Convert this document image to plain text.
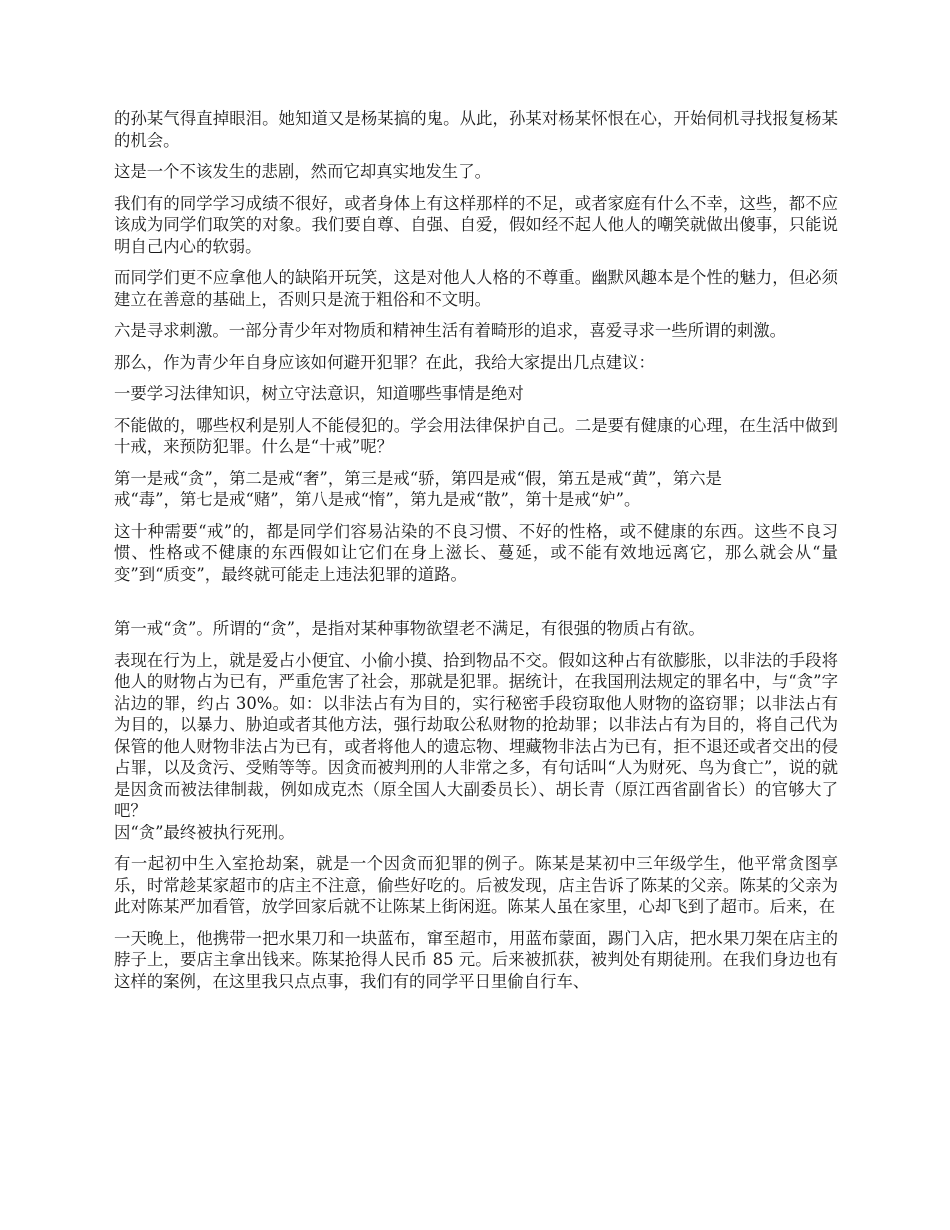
的孙某气得直掉眼泪。她知道又是杨某搞的鬼。从此，孙某对杨某怀恨在心，开始伺机寻找报复杨某的机会。

这是一个不该发生的悲剧，然而它却真实地发生了。

我们有的同学学习成绩不很好，或者身体上有这样那样的不足，或者家庭有什么不幸，这些，都不应该成为同学们取笑的对象。我们要自尊、自强、自爱，假如经不起人他人的嘲笑就做出傻事，只能说明自己内心的软弱。

而同学们更不应拿他人的缺陷开玩笑，这是对他人人格的不尊重。幽默风趣本是个性的魅力，但必须建立在善意的基础上，否则只是流于粗俗和不文明。

六是寻求刺激。一部分青少年对物质和精神生活有着畸形的追求，喜爱寻求一些所谓的刺激。

那么，作为青少年自身应该如何避开犯罪？在此，我给大家提出几点建议：

一要学习法律知识，树立守法意识，知道哪些事情是绝对

不能做的，哪些权利是别人不能侵犯的。学会用法律保护自己。二是要有健康的心理，在生活中做到十戒，来预防犯罪。什么是“十戒”呢？

第一是戒“贪”，第二是戒“奢”，第三是戒“骄，第四是戒“假，第五是戒“黄”，第六是
戒“毒”，第七是戒“赌”，第八是戒“惰”，第九是戒“散”，第十是戒“妒”。

这十种需要“戒”的，都是同学们容易沾染的不良习惯、不好的性格，或不健康的东西。这些不良习惯、性格或不健康的东西假如让它们在身上滋长、蔓延，或不能有效地远离它，那么就会从“量变”到“质变”，最终就可能走上违法犯罪的道路。

第一戒“贪”。所谓的“贪”，是指对某种事物欲望老不满足，有很强的物质占有欲。

表现在行为上，就是爱占小便宜、小偷小摸、拾到物品不交。假如这种占有欲膨胀，以非法的手段将他人的财物占为已有，严重危害了社会，那就是犯罪。据统计，在我国刑法规定的罪名中，与“贪”字沾边的罪，约占 30%。如：以非法占有为目的，实行秘密手段窃取他人财物的盗窃罪；以非法占有为目的，以暴力、胁迫或者其他方法，强行劫取公私财物的抢劫罪；以非法占有为目的，将自己代为保管的他人财物非法占为已有，或者将他人的遗忘物、埋藏物非法占为已有，拒不退还或者交出的侵占罪，以及贪污、受贿等等。因贪而被判刑的人非常之多，有句话叫“人为财死、鸟为食亡”，说的就是因贪而被法律制裁，例如成克杰（原全国人大副委员长）、胡长青（原江西省副省长）的官够大了吧？
因“贪”最终被执行死刑。

有一起初中生入室抢劫案，就是一个因贪而犯罪的例子。陈某是某初中三年级学生，他平常贪图享乐，时常趁某家超市的店主不注意，偷些好吃的。后被发现，店主告诉了陈某的父亲。陈某的父亲为此对陈某严加看管，放学回家后就不让陈某上街闲逛。陈某人虽在家里，心却飞到了超市。后来，在

一天晚上，他携带一把水果刀和一块蓝布，窜至超市，用蓝布蒙面，踢门入店，把水果刀架在店主的脖子上，要店主拿出钱来。陈某抢得人民币 85 元。后来被抓获，被判处有期徒刑。在我们身边也有这样的案例，在这里我只点点事，我们有的同学平日里偷自行车、
